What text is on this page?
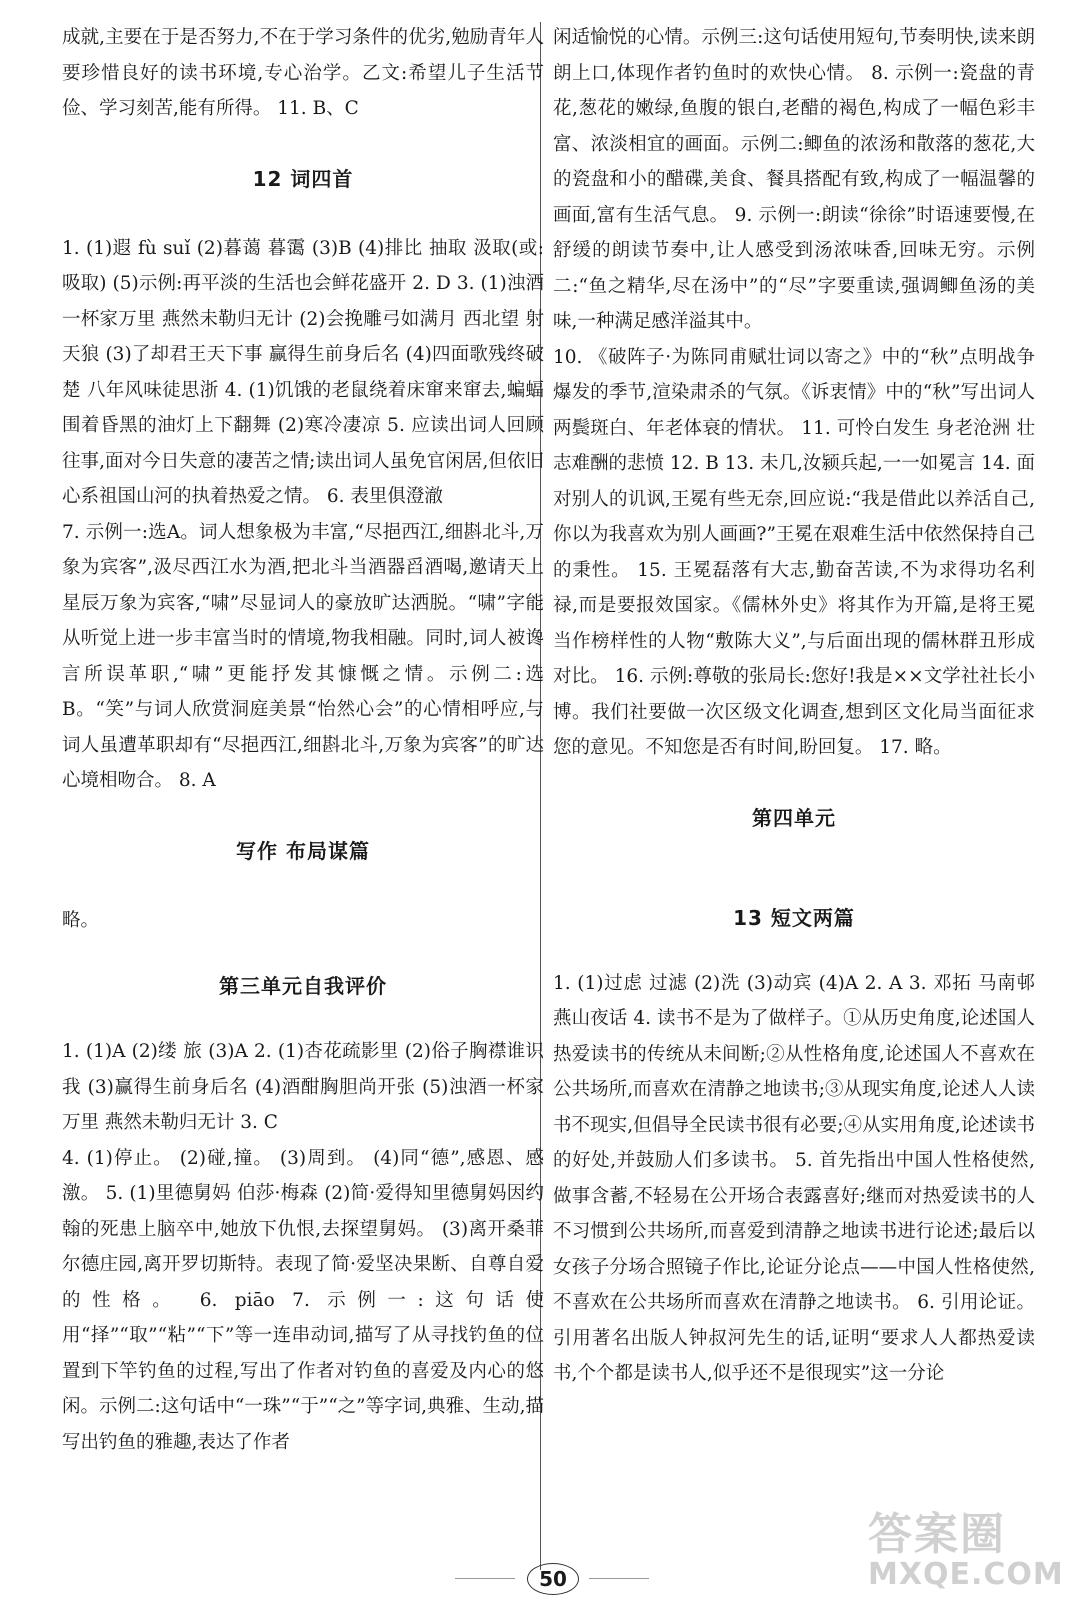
成就,主要在于是否努力,不在于学习条件的优劣,勉励青年人要珍惜良好的读书环境,专心治学。乙文:希望儿子生活节俭、学习刻苦,能有所得。 11. B、C

12 词四首

1. (1)遐 fù suǐ (2)暮蔼 暮霭 (3)B (4)排比 抽取 汲取(或:吸取) (5)示例:再平淡的生活也会鲜花盛开 2. D 3. (1)浊酒一杯家万里 燕然未勒归无计 (2)会挽雕弓如满月 西北望 射天狼 (3)了却君王天下事 赢得生前身后名 (4)四面歌残终破楚 八年风味徒思浙 4. (1)饥饿的老鼠绕着床窜来窜去,蝙蝠围着昏黑的油灯上下翻舞 (2)寒冷凄凉 5. 应读出词人回顾往事,面对今日失意的凄苦之情;读出词人虽免官闲居,但依旧心系祖国山河的执着热爱之情。 6. 表里俱澄澈

7. 示例一:选A。词人想象极为丰富,“尽挹西江,细斟北斗,万象为宾客”,汲尽西江水为酒,把北斗当酒器舀酒喝,邀请天上星辰万象为宾客,“啸”尽显词人的豪放旷达洒脱。“啸”字能从听觉上进一步丰富当时的情境,物我相融。同时,词人被谗言所误革职,“啸”更能抒发其慷慨之情。示例二:选B。“笑”与词人欣赏洞庭美景“怡然心会”的心情相呼应,与词人虽遭革职却有“尽挹西江,细斟北斗,万象为宾客”的旷达心境相吻合。 8. A

写作 布局谋篇

略。

第三单元自我评价

1. (1)A (2)缕 旅 (3)A 2. (1)杏花疏影里 (2)俗子胸襟谁识我 (3)赢得生前身后名 (4)酒酣胸胆尚开张 (5)浊酒一杯家万里 燕然未勒归无计 3. C

4. (1)停止。 (2)碰,撞。 (3)周到。 (4)同“德”,感恩、感激。 5. (1)里德舅妈 伯莎·梅森 (2)简·爱得知里德舅妈因约翰的死患上脑卒中,她放下仇恨,去探望舅妈。 (3)离开桑菲尔德庄园,离开罗切斯特。表现了简·爱坚决果断、自尊自爱的性格。 6. piāo 7. 示例一:这句话使用“择”“取”“粘”“下”等一连串动词,描写了从寻找钓鱼的位置到下竿钓鱼的过程,写出了作者对钓鱼的喜爱及内心的悠闲。示例二:这句话中“一珠”“于”“之”等字词,典雅、生动,描写出钓鱼的雅趣,表达了作者

闲适愉悦的心情。示例三:这句话使用短句,节奏明快,读来朗朗上口,体现作者钓鱼时的欢快心情。 8. 示例一:瓷盘的青花,葱花的嫩绿,鱼腹的银白,老醋的褐色,构成了一幅色彩丰富、浓淡相宜的画面。示例二:鲫鱼的浓汤和散落的葱花,大的瓷盘和小的醋碟,美食、餐具搭配有致,构成了一幅温馨的画面,富有生活气息。 9. 示例一:朗读“徐徐”时语速要慢,在舒缓的朗读节奏中,让人感受到汤浓味香,回味无穷。示例二:“鱼之精华,尽在汤中”的“尽”字要重读,强调鲫鱼汤的美味,一种满足感洋溢其中。

10. 《破阵子·为陈同甫赋壮词以寄之》中的“秋”点明战争爆发的季节,渲染肃杀的气氛。《诉衷情》中的“秋”写出词人两鬓斑白、年老体衰的情状。 11. 可怜白发生 身老沧洲 壮志难酬的悲愤 12. B 13. 未几,汝颍兵起,一一如冕言 14. 面对别人的讥讽,王冕有些无奈,回应说:“我是借此以养活自己,你以为我喜欢为别人画画?”王冕在艰难生活中依然保持自己的秉性。 15. 王冕磊落有大志,勤奋苦读,不为求得功名利禄,而是要报效国家。《儒林外史》将其作为开篇,是将王冕当作榜样性的人物“敷陈大义”,与后面出现的儒林群丑形成对比。 16. 示例:尊敬的张局长:您好!我是××文学社社长小博。我们社要做一次区级文化调查,想到区文化局当面征求您的意见。不知您是否有时间,盼回复。 17. 略。

第四单元
13 短文两篇

1. (1)过虑 过滤 (2)洗 (3)动宾 (4)A 2. A 3. 邓拓 马南邨 燕山夜话 4. 读书不是为了做样子。①从历史角度,论述国人热爱读书的传统从未间断;②从性格角度,论述国人不喜欢在公共场所,而喜欢在清静之地读书;③从现实角度,论述人人读书不现实,但倡导全民读书很有必要;④从实用角度,论述读书的好处,并鼓励人们多读书。 5. 首先指出中国人性格使然,做事含蓄,不轻易在公开场合表露喜好;继而对热爱读书的人不习惯到公共场所,而喜爱到清静之地读书进行论述;最后以女孩子分场合照镜子作比,论证分论点——中国人性格使然,不喜欢在公共场所而喜欢在清静之地读书。 6. 引用论证。引用著名出版人钟叔河先生的话,证明“要求人人都热爱读书,个个都是读书人,似乎还不是很现实”这一分论

50
答案圈
MXQE.COM
